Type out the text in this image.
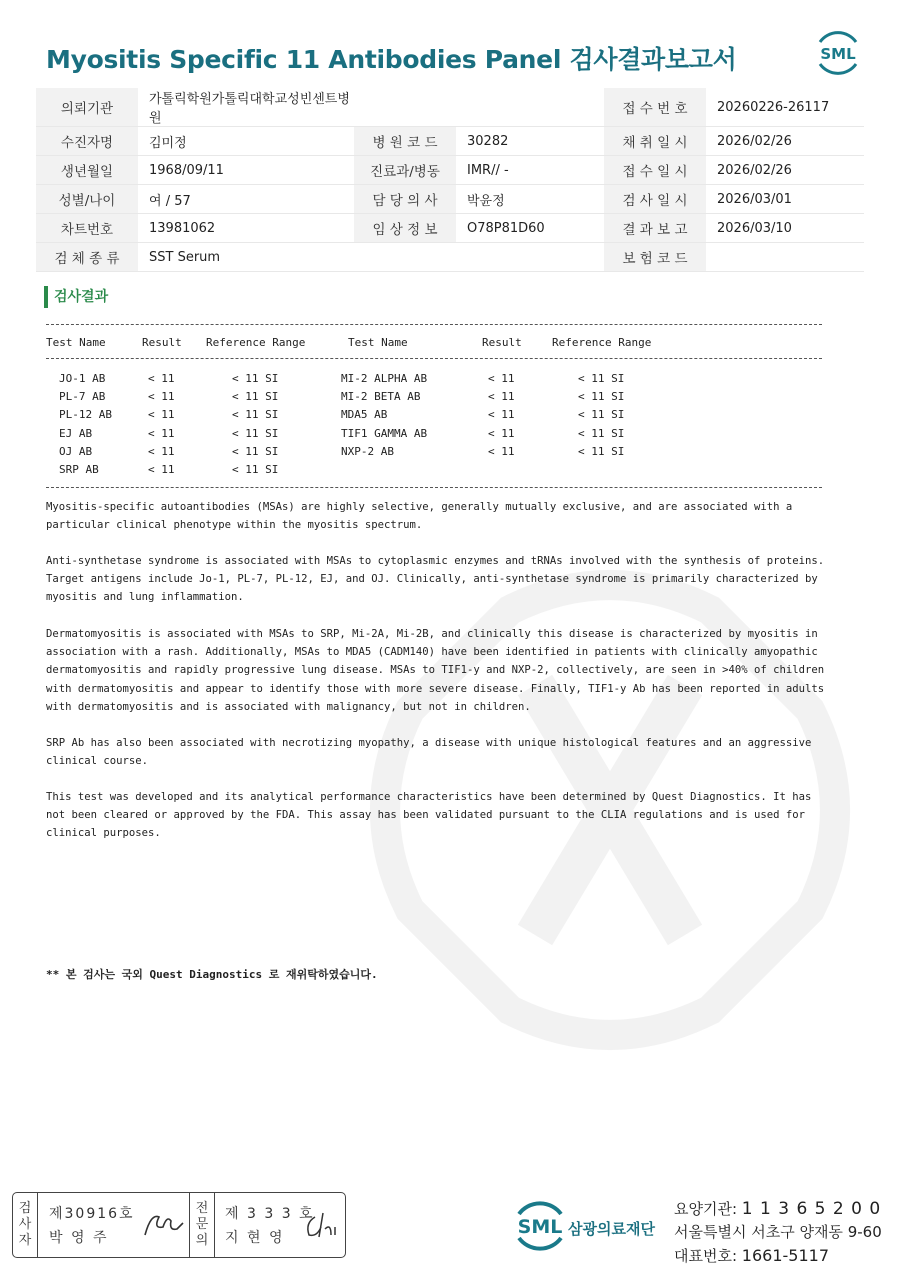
Myositis Specific 11 Antibodies Panel 검사결과보고서	SML
의뢰기관	가톨릭학원가톨릭대학교성빈센트병원			접 수 번 호	20260226-26117
수진자명	김미정	병 원 코 드	30282	채 취 일 시	2026/02/26
생년월일	1968/09/11	진료과/병동	IMR// -	접 수 일 시	2026/02/26
성별/나이	여 / 57	담 당 의 사	박윤정	검 사 일 시	2026/03/01
차트번호	13981062	임 상 정 보	O78P81D60	결 과 보 고	2026/03/10
검 체 종 류	SST Serum			보 험 코 드	
검사결과
Test Name	Result Reference Range	Test Name	Result	Reference Range
JO-1 AB	< 11	< 11 SI
PL-7 AB	< 11	< 11 SI
PL-12 AB	< 11	< 11 SI
EJ AB	< 11	< 11 SI
OJ AB	< 11	< 11 SI
SRP AB	< 11	< 11 SI
MI-2 ALPHA AB	< 11	< 11 SI
MI-2 BETA AB	< 11	< 11 SI
MDA5 AB	< 11	< 11 SI
TIF1 GAMMA AB	< 11	< 11 SI
NXP-2 AB	< 11	< 11 SI
Myositis-specific autoantibodies (MSAs) are highly selective, generally mutually exclusive, and are associated with a particular clinical phenotype within the myositis spectrum.
Anti-synthetase syndrome is associated with MSAs to cytoplasmic enzymes and tRNAs involved with the synthesis of proteins. Target antigens include Jo-1, PL-7, PL-12, EJ, and OJ. Clinically, anti-synthetase syndrome is primarily characterized by myositis and lung inflammation.
Dermatomyositis is associated with MSAs to SRP, Mi-2A, Mi-2B, and clinically this disease is characterized by myositis in association with a rash. Additionally, MSAs to MDA5 (CADM140) have been identified in patients with clinically amyopathic dermatomyositis and rapidly progressive lung disease. MSAs to TIF1-y and NXP-2, collectively, are seen in >40% of children with dermatomyositis and appear to identify those with more severe disease. Finally, TIF1-y Ab has been reported in adults with dermatomyositis and is associated with malignancy, but not in children.
SRP Ab has also been associated with necrotizing myopathy, a disease with unique histological features and an aggressive clinical course.
This test was developed and its analytical performance characteristics have been determined by Quest Diagnostics. It has not been cleared or approved by the FDA. This assay has been validated pursuant to the CLIA regulations and is used for clinical purposes.
** 본 검사는 국외 Quest Diagnostics 로 재위탁하였습니다.
검
사
자
제30916호
박 영 주
전
문
의
제 3 3 3 호
지 현 영	SML 삼광의료재단
요양기관: 1 1 3 6 5 2 0 0
서울특별시 서초구 양재동 9-60
대표번호: 1661-5117
